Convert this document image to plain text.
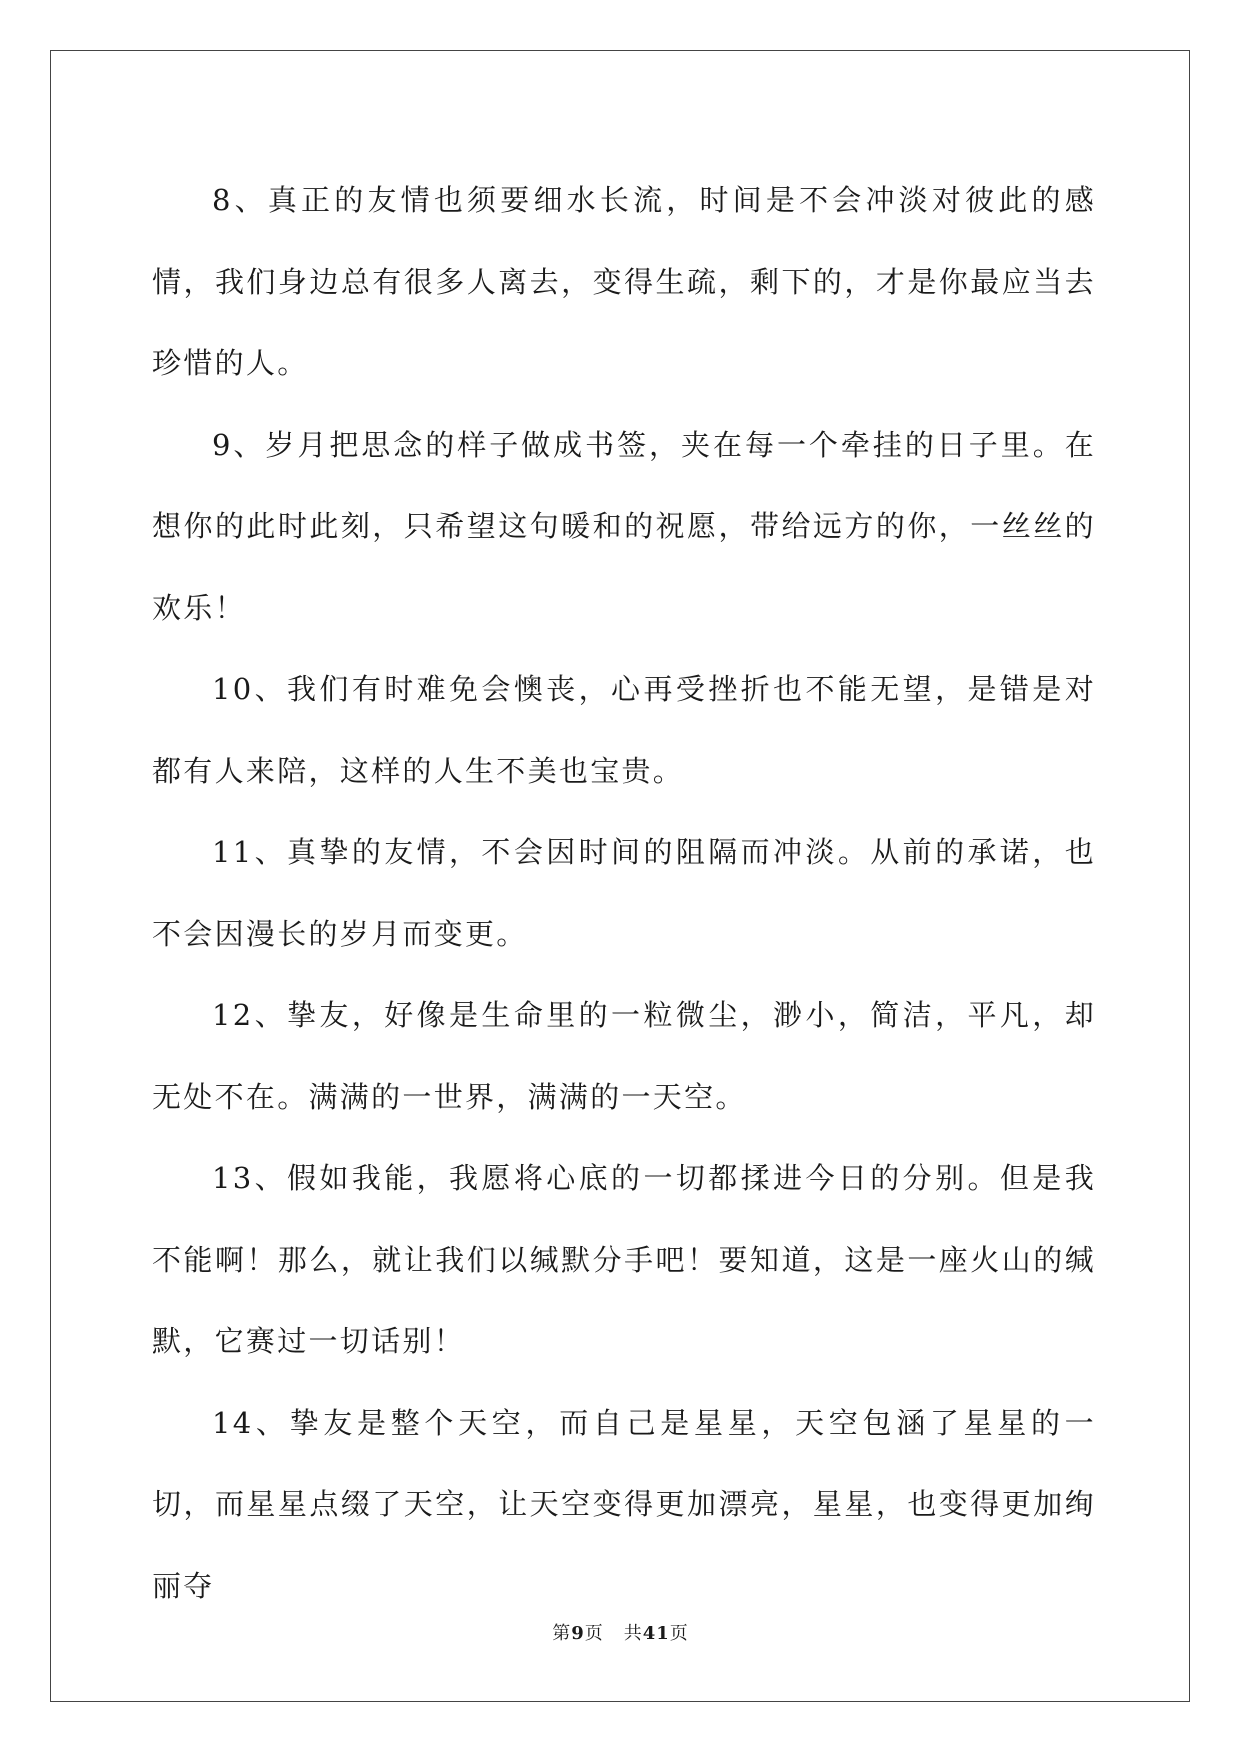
8、真正的友情也须要细水长流，时间是不会冲淡对彼此的感情，我们身边总有很多人离去，变得生疏，剩下的，才是你最应当去珍惜的人。

9、岁月把思念的样子做成书签，夹在每一个牵挂的日子里。在想你的此时此刻，只希望这句暖和的祝愿，带给远方的你，一丝丝的欢乐！

10、我们有时难免会懊丧，心再受挫折也不能无望，是错是对都有人来陪，这样的人生不美也宝贵。

11、真挚的友情，不会因时间的阻隔而冲淡。从前的承诺，也不会因漫长的岁月而变更。

12、挚友，好像是生命里的一粒微尘，渺小，简洁，平凡，却无处不在。满满的一世界，满满的一天空。

13、假如我能，我愿将心底的一切都揉进今日的分别。但是我不能啊！那么，就让我们以缄默分手吧！要知道，这是一座火山的缄默，它赛过一切话别！

14、挚友是整个天空，而自己是星星，天空包涵了星星的一切，而星星点缀了天空，让天空变得更加漂亮，星星，也变得更加绚丽夺

第9页 共41页
